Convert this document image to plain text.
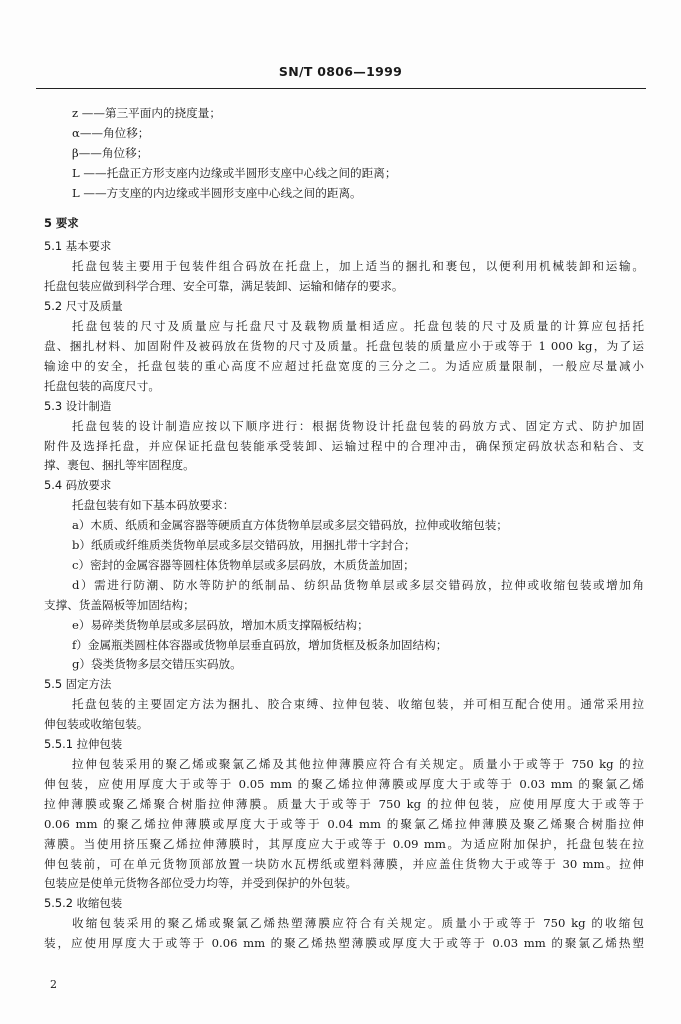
SN/T 0806—1999

z ——第三平面内的挠度量；

α——角位移；

β——角位移；

L ——托盘正方形支座内边缘或半圆形支座中心线之间的距离；

L ——方支座的内边缘或半圆形支座中心线之间的距离。

5 要求

5.1 基本要求

托盘包装主要用于包装件组合码放在托盘上，加上适当的捆扎和裹包，以便利用机械装卸和运输。

托盘包装应做到科学合理、安全可靠，满足装卸、运输和储存的要求。

5.2 尺寸及质量

托盘包装的尺寸及质量应与托盘尺寸及载物质量相适应。托盘包装的尺寸及质量的计算应包括托

盘、捆扎材料、加固附件及被码放在货物的尺寸及质量。托盘包装的质量应小于或等于 1 000 kg，为了运

输途中的安全，托盘包装的重心高度不应超过托盘宽度的三分之二。为适应质量限制，一般应尽量减小

托盘包装的高度尺寸。

5.3 设计制造

托盘包装的设计制造应按以下顺序进行：根据货物设计托盘包装的码放方式、固定方式、防护加固

附件及选择托盘，并应保证托盘包装能承受装卸、运输过程中的合理冲击，确保预定码放状态和粘合、支

撑、裹包、捆扎等牢固程度。

5.4 码放要求

托盘包装有如下基本码放要求：

a）木质、纸质和金属容器等硬质直方体货物单层或多层交错码放，拉伸或收缩包装；

b）纸质或纤维质类货物单层或多层交错码放，用捆扎带十字封合；

c）密封的金属容器等圆柱体货物单层或多层码放，木质货盖加固；

d）需进行防潮、防水等防护的纸制品、纺织品货物单层或多层交错码放，拉伸或收缩包装或增加角

支撑、货盖隔板等加固结构；

e）易碎类货物单层或多层码放，增加木质支撑隔板结构；

f）金属瓶类圆柱体容器或货物单层垂直码放，增加货框及板条加固结构；

g）袋类货物多层交错压实码放。

5.5 固定方法

托盘包装的主要固定方法为捆扎、胶合束缚、拉伸包装、收缩包装，并可相互配合使用。通常采用拉

伸包装或收缩包装。

5.5.1 拉伸包装

拉伸包装采用的聚乙烯或聚氯乙烯及其他拉伸薄膜应符合有关规定。质量小于或等于 750 kg 的拉

伸包装，应使用厚度大于或等于 0.05 mm 的聚乙烯拉伸薄膜或厚度大于或等于 0.03 mm 的聚氯乙烯

拉伸薄膜或聚乙烯聚合树脂拉伸薄膜。质量大于或等于 750 kg 的拉伸包装，应使用厚度大于或等于

0.06 mm 的聚乙烯拉伸薄膜或厚度大于或等于 0.04 mm 的聚氯乙烯拉伸薄膜及聚乙烯聚合树脂拉伸

薄膜。当使用挤压聚乙烯拉伸薄膜时，其厚度应大于或等于 0.09 mm。为适应附加保护，托盘包装在拉

伸包装前，可在单元货物顶部放置一块防水瓦楞纸或塑料薄膜，并应盖住货物大于或等于 30 mm。拉伸

包装应是使单元货物各部位受力均等，并受到保护的外包装。

5.5.2 收缩包装

收缩包装采用的聚乙烯或聚氯乙烯热塑薄膜应符合有关规定。质量小于或等于 750 kg 的收缩包

装，应使用厚度大于或等于 0.06 mm 的聚乙烯热塑薄膜或厚度大于或等于 0.03 mm 的聚氯乙烯热塑

2
